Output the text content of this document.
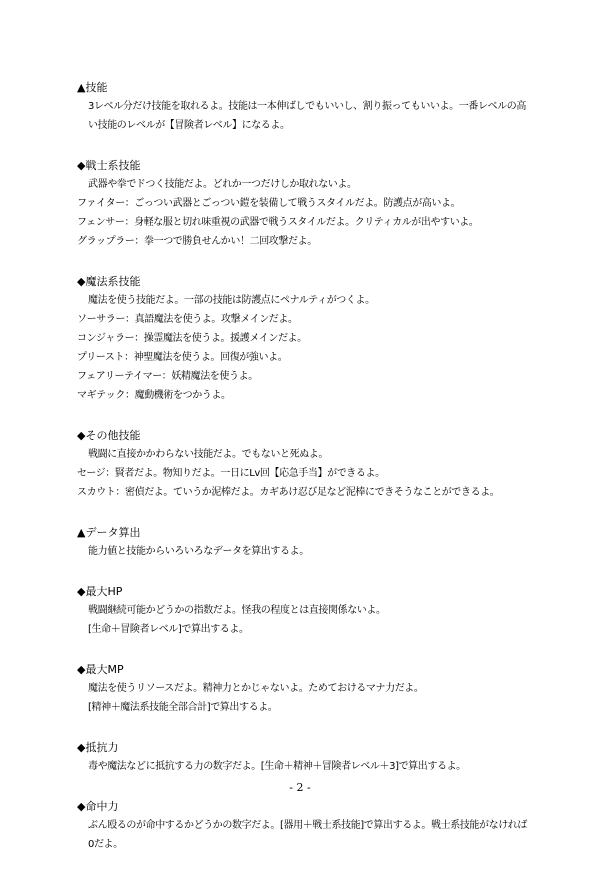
▲技能
3レベル分だけ技能を取れるよ。技能は一本伸ばしでもいいし、割り振ってもいいよ。一番レベルの高い技能のレベルが【冒険者レベル】になるよ。
◆戦士系技能
武器や拳でドつく技能だよ。どれか一つだけしか取れないよ。
ファイター：ごっつい武器とごっつい鎧を装備して戦うスタイルだよ。防護点が高いよ。
フェンサー：身軽な服と切れ味重視の武器で戦うスタイルだよ。クリティカルが出やすいよ。
グラップラー：拳一つで勝負せんかい！二回攻撃だよ。
◆魔法系技能
魔法を使う技能だよ。一部の技能は防護点にペナルティがつくよ。
ソーサラー：真語魔法を使うよ。攻撃メインだよ。
コンジャラー：操霊魔法を使うよ。援護メインだよ。
プリースト：神聖魔法を使うよ。回復が強いよ。
フェアリーテイマー：妖精魔法を使うよ。
マギテック：魔動機術をつかうよ。
◆その他技能
戦闘に直接かかわらない技能だよ。でもないと死ぬよ。
セージ：賢者だよ。物知りだよ。一日にLv回【応急手当】ができるよ。
スカウト：密偵だよ。ていうか泥棒だよ。カギあけ忍び足など泥棒にできそうなことができるよ。
▲データ算出
能力値と技能からいろいろなデータを算出するよ。
◆最大HP
戦闘継続可能かどうかの指数だよ。怪我の程度とは直接関係ないよ。
[生命＋冒険者レベル]で算出するよ。
◆最大MP
魔法を使うリソースだよ。精神力とかじゃないよ。ためておけるマナ力だよ。
[精神＋魔法系技能全部合計]で算出するよ。
◆抵抗力
毒や魔法などに抵抗する力の数字だよ。[生命＋精神＋冒険者レベル＋3]で算出するよ。
◆命中力
ぶん殴るのが命中するかどうかの数字だよ。[器用＋戦士系技能]で算出するよ。戦士系技能がなければ0だよ。
- 2 -
